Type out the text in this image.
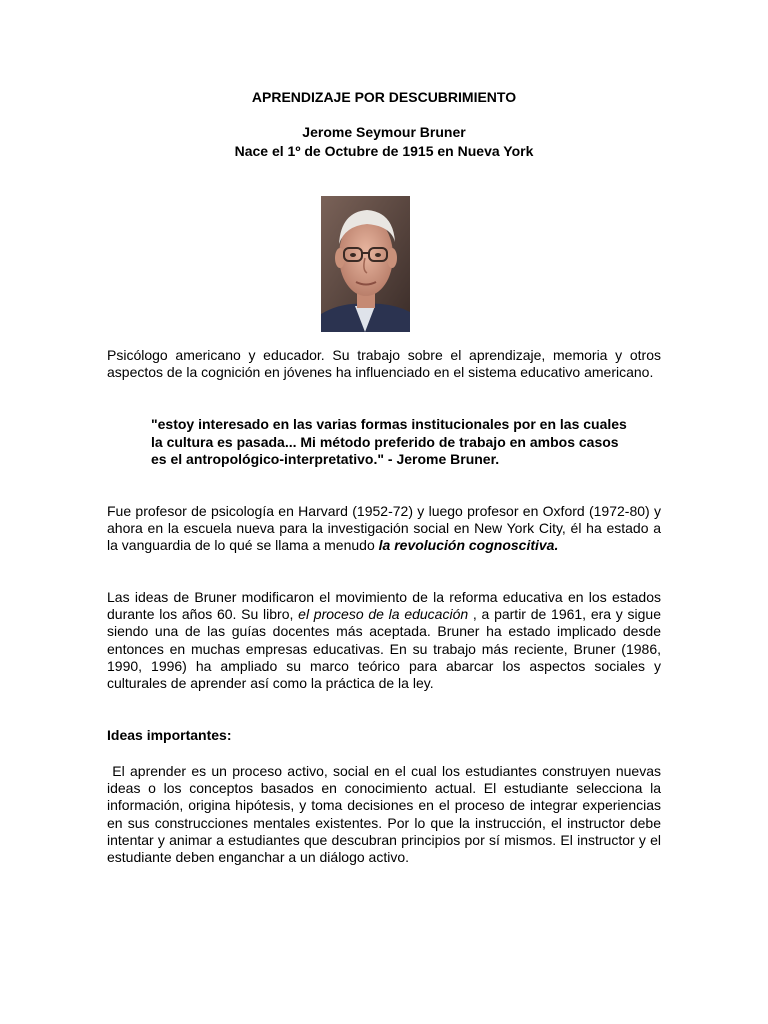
APRENDIZAJE POR DESCUBRIMIENTO
Jerome Seymour Bruner
Nace el 1º de Octubre de 1915 en Nueva York
Psicólogo americano y educador. Su trabajo sobre el aprendizaje, memoria y otros aspectos de la cognición en jóvenes ha influenciado en el sistema educativo americano.
"estoy interesado en las varias formas institucionales por en las cuales la cultura es pasada... Mi método preferido de trabajo en ambos casos es el antropológico-interpretativo." - Jerome Bruner.
Fue profesor de psicología en Harvard (1952-72) y luego profesor en Oxford (1972-80) y ahora en la escuela nueva para la investigación social en New York City, él ha estado a la vanguardia de lo qué se llama a menudo la revolución cognoscitiva.
Las ideas de Bruner modificaron el movimiento de la reforma educativa en los estados durante los años 60. Su libro, el proceso de la educación , a partir de 1961, era y sigue siendo una de las guías docentes más aceptada. Bruner ha estado implicado desde entonces en muchas empresas educativas. En su trabajo más reciente, Bruner (1986, 1990, 1996) ha ampliado su marco teórico para abarcar los aspectos sociales y culturales de aprender así como la práctica de la ley.
Ideas importantes:
El aprender es un proceso activo, social en el cual los estudiantes construyen nuevas ideas o los conceptos basados en conocimiento actual. El estudiante selecciona la información, origina hipótesis, y toma decisiones en el proceso de integrar experiencias en sus construcciones mentales existentes. Por lo que la instrucción, el instructor debe intentar y animar a estudiantes que descubran principios por sí mismos. El instructor y el estudiante deben enganchar a un diálogo activo.
